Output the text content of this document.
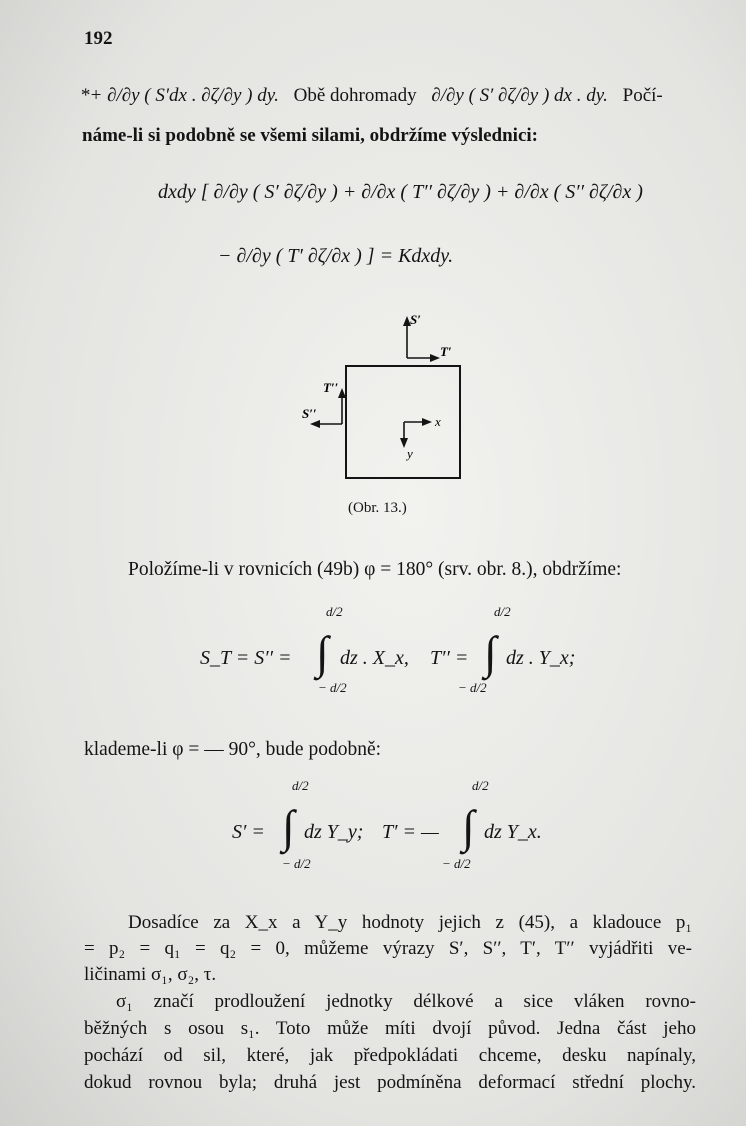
192
*+ ∂/∂y ( S′dx . ∂ζ/∂y ) dy. Obě dohromady ∂/∂y ( S′ ∂ζ/∂y ) dx . dy. Počí-
náme-li si podobně se všemi silami, obdržíme výslednici:
dxdy [ ∂/∂y ( S′ ∂ζ/∂y ) + ∂/∂x ( T′′ ∂ζ/∂y ) + ∂/∂x ( S′′ ∂ζ/∂x )
− ∂/∂y ( T′ ∂ζ/∂x ) ] = Kdxdy.
S′
T′
T′′
S′′
x
y
(Obr. 13.)
Položíme-li v rovnicích (49b) φ = 180° (srv. obr. 8.), obdržíme:
d/2
− d/2
S_T = S′′ = ∫ dz . X_x, T′′ =
d/2
− d/2
∫ dz . Y_x;
klademe-li φ = — 90°, bude podobně:
d/2
− d/2
S′ = ∫ dz Y_y; T′ = —
d/2
− d/2
∫ dz Y_x.
Dosadíce za X_x a Y_y hodnoty jejich z (45), a kladouce p₁
= p₂ = q₁ = q₂ = 0, můžeme výrazy S′, S′′, T′, T′′ vyjádřiti ve-
ličinami σ₁, σ₂, τ.
σ₁ značí prodloužení jednotky délkové a sice vláken rovno-
běžných s osou s₁. Toto může míti dvojí původ. Jedna část jeho
pochází od sil, které, jak předpokládati chceme, desku napínaly,
dokud rovnou byla; druhá jest podmíněna deformací střední plochy.
